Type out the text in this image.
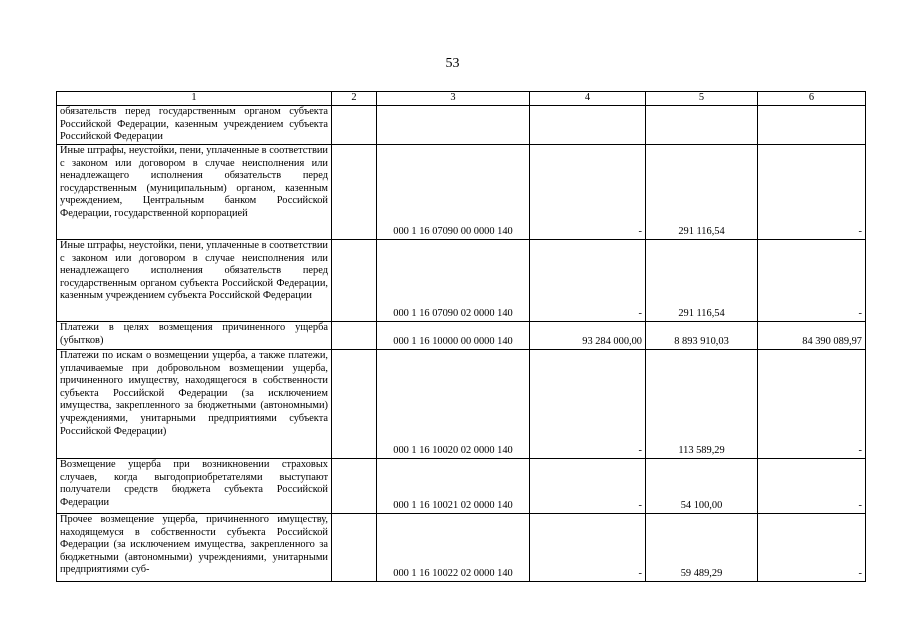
53
1	2	3	4	5	6
обязательств перед государственным органом субъекта Российской Федерации, казенным учреждением субъекта Российской Федерации					
Иные штрафы, неустойки, пени, уплаченные в соответствии с законом или договором в случае неисполнения или ненадлежащего исполнения обязательств перед государственным (муниципальным) органом, казенным учреждением, Центральным банком Российской Федерации, государственной корпорацией		000 1 16 07090 00 0000 140	-	291 116,54	-
Иные штрафы, неустойки, пени, уплаченные в соответствии с законом или договором в случае неисполнения или ненадлежащего исполнения обязательств перед государственным органом субъекта Российской Федерации, казенным учреждением субъекта Российской Федерации		000 1 16 07090 02 0000 140	-	291 116,54	-
Платежи в целях возмещения причиненного ущерба (убытков)		000 1 16 10000 00 0000 140	93 284 000,00	8 893 910,03	84 390 089,97
Платежи по искам о возмещении ущерба, а также платежи, уплачиваемые при добровольном возмещении ущерба, причиненного имуществу, находящегося в собственности субъекта Российской Федерации (за исключением имущества, закрепленного за бюджетными (автономными) учреждениями, унитарными предприятиями субъекта Российской Федерации)		000 1 16 10020 02 0000 140	-	113 589,29	-
Возмещение ущерба при возникновении страховых случаев, когда выгодоприобретателями выступают получатели средств бюджета субъекта Российской Федерации		000 1 16 10021 02 0000 140	-	54 100,00	-
Прочее возмещение ущерба, причиненного имуществу, находящемуся в собственности субъекта Российской Федерации (за исключением имущества, закрепленного за бюджетными (автономными) учреждениями, унитарными предприятиями суб-		000 1 16 10022 02 0000 140	-	59 489,29	-
